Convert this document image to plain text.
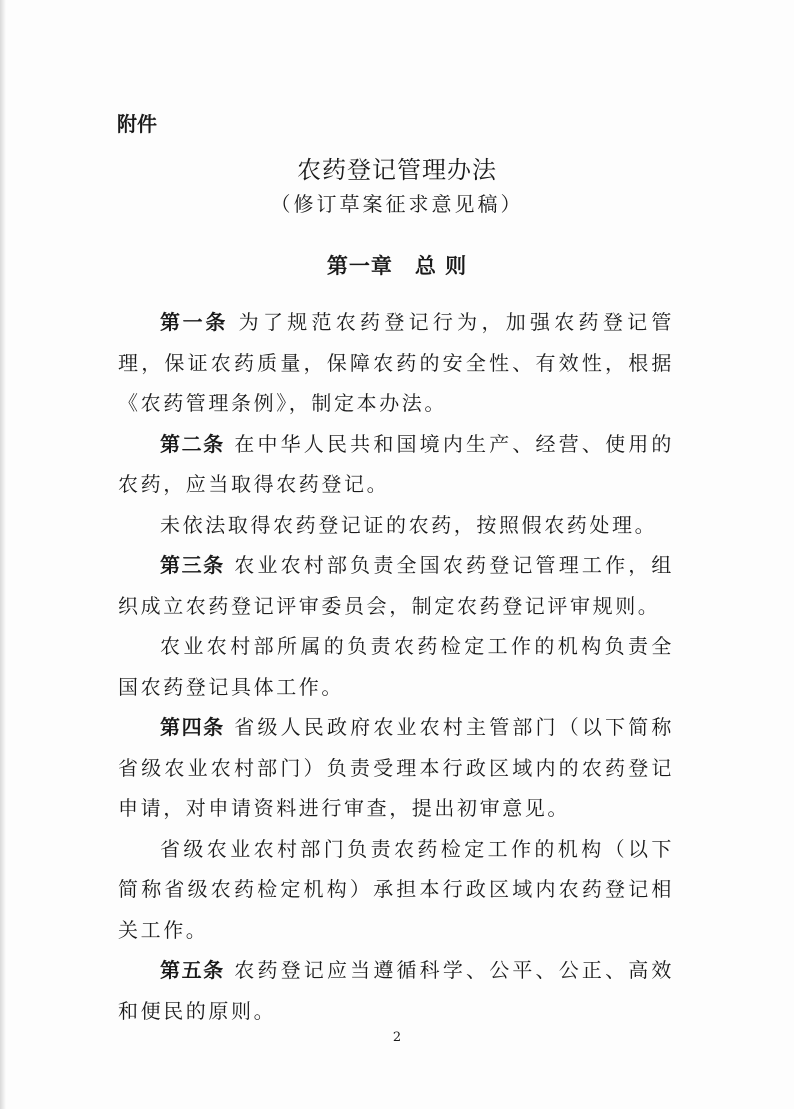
附件
农药登记管理办法
（修订草案征求意见稿）
第一章　总 则

第一条 为了规范农药登记行为，加强农药登记管理，保证农药质量，保障农药的安全性、有效性，根据《农药管理条例》，制定本办法。

第二条 在中华人民共和国境内生产、经营、使用的农药，应当取得农药登记。

未依法取得农药登记证的农药，按照假农药处理。

第三条 农业农村部负责全国农药登记管理工作，组织成立农药登记评审委员会，制定农药登记评审规则。

农业农村部所属的负责农药检定工作的机构负责全国农药登记具体工作。

第四条 省级人民政府农业农村主管部门（以下简称省级农业农村部门）负责受理本行政区域内的农药登记申请，对申请资料进行审查，提出初审意见。

省级农业农村部门负责农药检定工作的机构（以下简称省级农药检定机构）承担本行政区域内农药登记相关工作。

第五条 农药登记应当遵循科学、公平、公正、高效和便民的原则。

2
